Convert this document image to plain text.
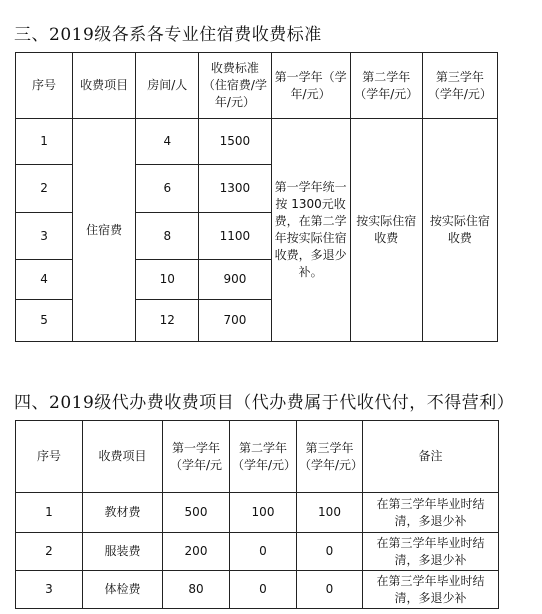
三、2019级各系各专业住宿费收费标准
序号	收费项目	房间/人	收费标准（住宿费/学年/元）	第一学年（学年/元）	第二学年（学年/元）	第三学年（学年/元）
1	住宿费	4	1500	第一学年统一按 1300元收费，在第二学年按实际住宿收费，多退少补。	按实际住宿收费	按实际住宿收费
2		6	1300			
3		8	1100			
4		10	900			
5		12	700			
四、2019级代办费收费项目（代办费属于代收代付，不得营利）
序号	收费项目	第一学年（学年/元	第二学年（学年/元）	第三学年（学年/元）	备注
1	教材费	500	100	100	在第三学年毕业时结清，多退少补
2	服装费	200	0	0	在第三学年毕业时结清，多退少补
3	体检费	80	0	0	在第三学年毕业时结清，多退少补
